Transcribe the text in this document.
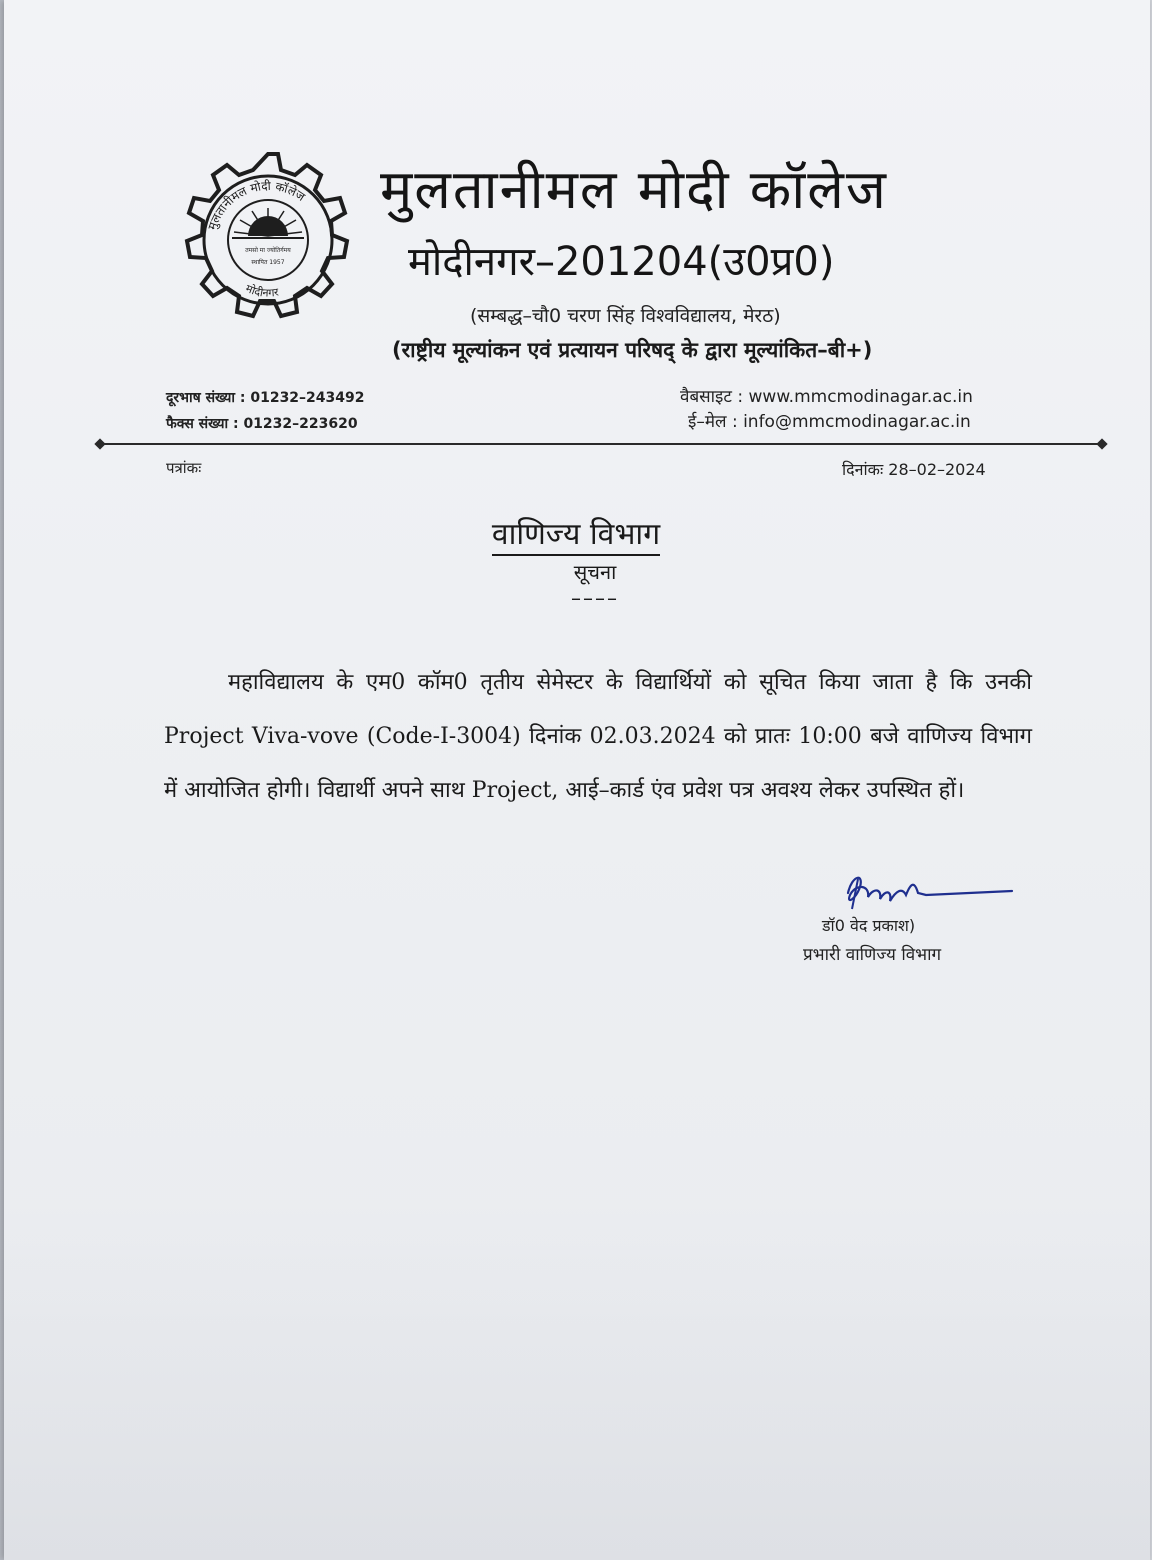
मुलतानीमल मोदी कॉलेज
मोदीनगर
तमसो मा ज्योतिर्गमय
स्थापित 1957
मुलतानीमल मोदी कॉलेज
मोदीनगर–201204(उ0प्र0)
(सम्बद्ध–चौ0 चरण सिंह विश्वविद्यालय, मेरठ)
(राष्ट्रीय मूल्यांकन एवं प्रत्यायन परिषद् के द्वारा मूल्यांकित–बी+)
दूरभाष संख्या : 01232–243492
फैक्स संख्या : 01232–223620
वैबसाइट : www.mmcmodinagar.ac.in
ई–मेल : info@mmcmodinagar.ac.in
पत्रांकः	दिनांकः 28–02–2024
वाणिज्य विभाग
सूचना
––––
महाविद्यालय के एम0 कॉम0 तृतीय सेमेस्टर के विद्यार्थियों को सूचित किया जाता है कि उनकी Project Viva-vove (Code-I-3004) दिनांक 02.03.2024 को प्रातः 10:00 बजे वाणिज्य विभाग में आयोजित होगी। विद्यार्थी अपने साथ Project, आई–कार्ड एंव प्रवेश पत्र अवश्य लेकर उपस्थित हों।
डॉ0 वेद प्रकाश)
प्रभारी वाणिज्य विभाग
